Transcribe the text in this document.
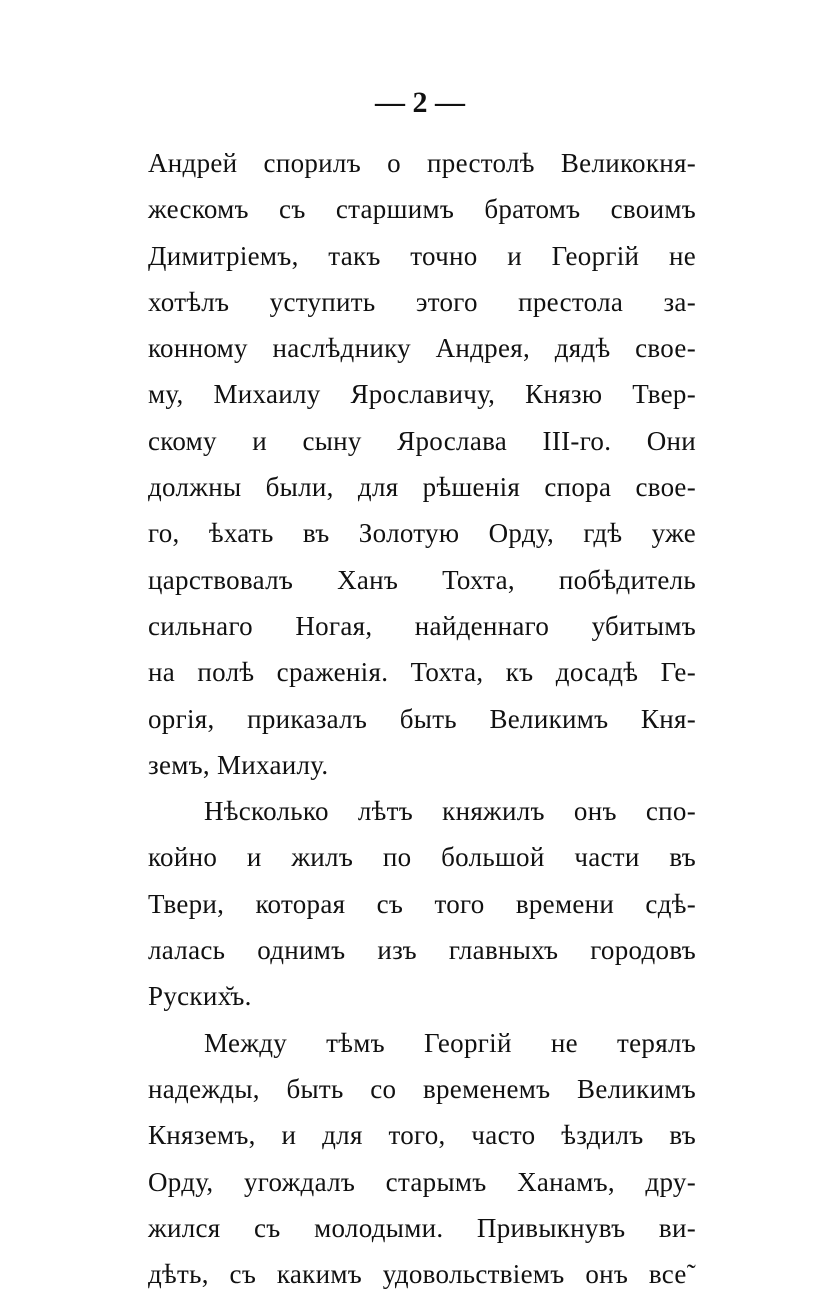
— 2 —
Андрей спорилъ о престолѣ Великокня-
жескомъ съ старшимъ братомъ своимъ
Димитріемъ, такъ точно и Георгій не
хотѣлъ уступить этого престола за-
конному наслѣднику Андрея, дядѣ свое-
му, Михаилу Ярославичу, Князю Твер-
скому и сыну Ярослава III-го. Они
должны были, для рѣшенія спора своe-
го, ѣхать въ Золотую Орду, гдѣ уже
царствовалъ Ханъ Тохта, побѣдитель
сильнаго Ногая, найденнаго убитымъ
на полѣ сраженія. Тохта, къ досадѣ Ге-
оргія, приказалъ быть Великимъ Кня-
земъ, Михаилу.
Нѣсколько лѣтъ княжилъ онъ спо-
койно и жилъ по большой части въ
Твери, которая съ того времени сдѣ-
лалась однимъ изъ главныхъ городовъ
Руских̆ъ.
Между тѣмъ Георгій не терялъ
надежды, быть со временемъ Великимъ
Княземъ, и для того, часто ѣздилъ въ
Орду, угождалъ старымъ Ханамъ, дру-
жился съ молодыми. Привыкнувъ ви-
дѣть, съ какимъ удовольствіемъ онъ все˜
